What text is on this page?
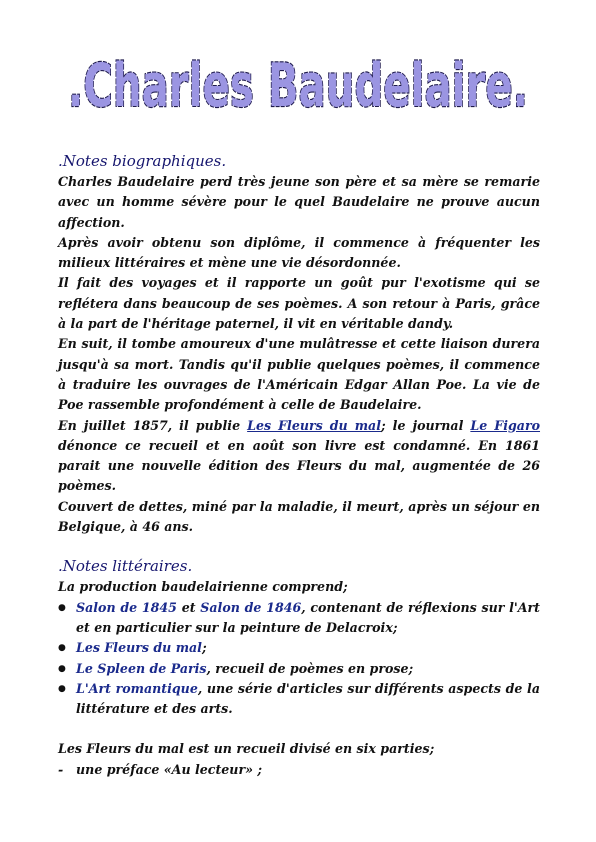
.Charles Baudelaire.
.Notes biographiques.

Charles Baudelaire perd très jeune son père et sa mère se remarie avec un homme sévère pour le quel Baudelaire ne prouve aucun affection.

Après avoir obtenu son diplôme, il commence à fréquenter les milieux littéraires et mène une vie désordonnée.

Il fait des voyages et il rapporte un goût pur l'exotisme qui se reflétera dans beaucoup de ses poèmes. A son retour à Paris, grâce à la part de l'héritage paternel, il vit en véritable dandy.

En suit, il tombe amoureux d'une mulâtresse et cette liaison durera jusqu'à sa mort. Tandis qu'il publie quelques poèmes, il commence à traduire les ouvrages de l'Américain Edgar Allan Poe. La vie de Poe rassemble profondément à celle de Baudelaire.

En juillet 1857, il publie Les Fleurs du mal; le journal Le Figaro dénonce ce recueil et en août son livre est condamné. En 1861 parait une nouvelle édition des Fleurs du mal, augmentée de 26 poèmes.

Couvert de dettes, miné par la maladie, il meurt, après un séjour en Belgique, à 46 ans.

.Notes littéraires.

La production baudelairienne comprend;

● Salon de 1845 et Salon de 1846, contenant de réflexions sur l'Art et en particulier sur la peinture de Delacroix;
● Les Fleurs du mal;
● Le Spleen de Paris, recueil de poèmes en prose;
● L'Art romantique, une série d'articles sur différents aspects de la littérature et des arts.

Les Fleurs du mal est un recueil divisé en six parties;

- une préface «Au lecteur» ;
